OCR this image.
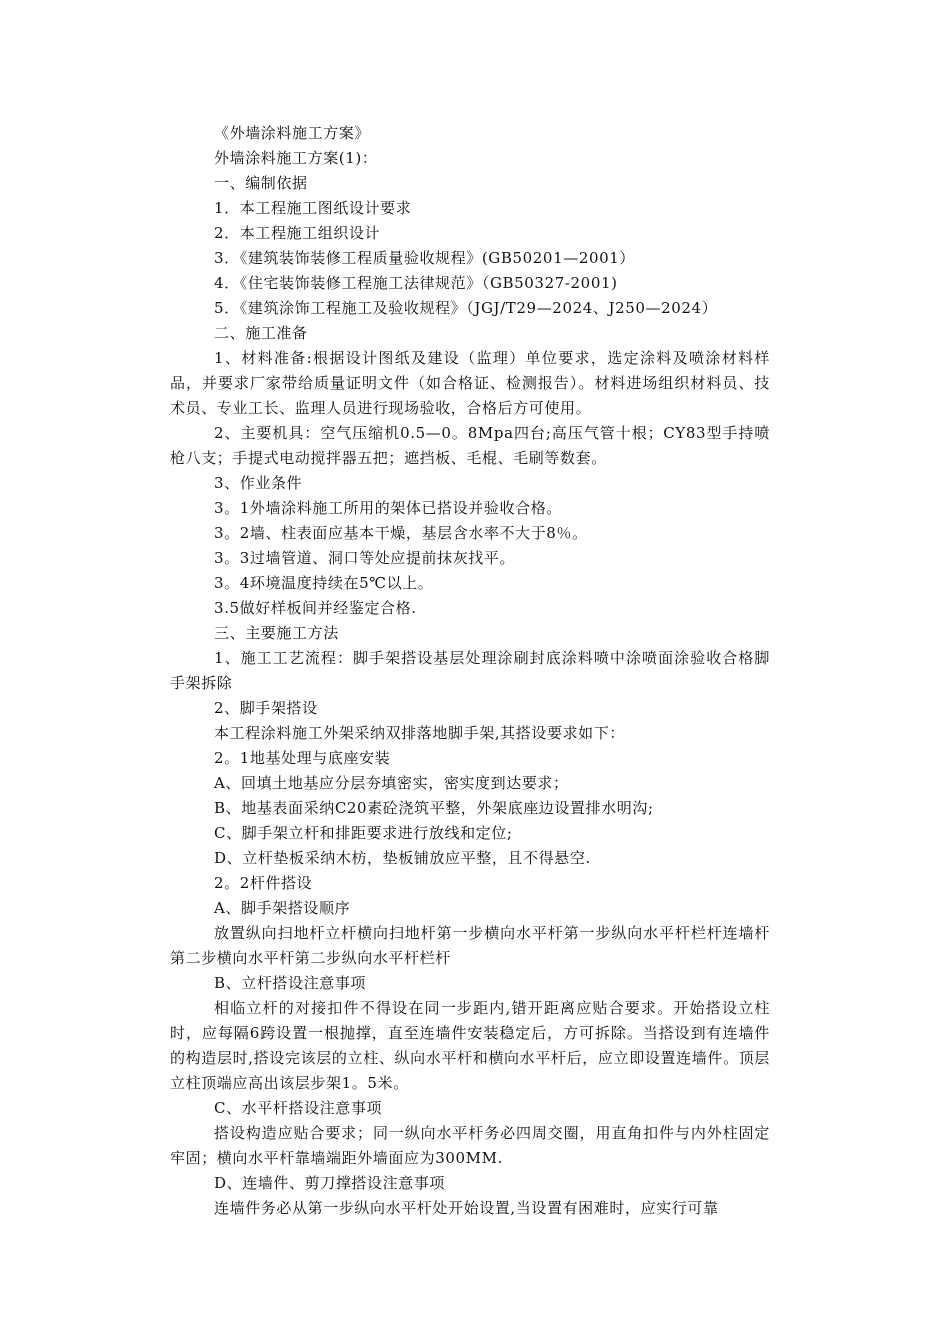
《外墙涂料施工方案》

外墙涂料施工方案(1)：

一、编制依据

1．本工程施工图纸设计要求

2．本工程施工组织设计

3．《建筑装饰装修工程质量验收规程》(GB50201—2001）

4．《住宅装饰装修工程施工法律规范》（GB50327-2001)

5．《建筑涂饰工程施工及验收规程》（JGJ/T29—2024、J250—2024）

二、施工准备

1、材料准备:根据设计图纸及建设（监理）单位要求，选定涂料及喷涂材料样品，并要求厂家带给质量证明文件（如合格证、检测报告）。材料进场组织材料员、技术员、专业工长、监理人员进行现场验收，合格后方可使用。

2、主要机具：空气压缩机0.5—0。8Mpa四台;高压气管十根；CY83型手持喷枪八支；手提式电动搅拌器五把；遮挡板、毛棍、毛刷等数套。

3、作业条件

3。1外墙涂料施工所用的架体已搭设并验收合格。

3。2墙、柱表面应基本干燥，基层含水率不大于8％。

3。3过墙管道、洞口等处应提前抹灰找平。

3。4环境温度持续在5℃以上。

3.5做好样板间并经鉴定合格.

三、主要施工方法

1、施工工艺流程：脚手架搭设基层处理涂刷封底涂料喷中涂喷面涂验收合格脚手架拆除

2、脚手架搭设

本工程涂料施工外架采纳双排落地脚手架,其搭设要求如下：

2。1地基处理与底座安装

A、回填土地基应分层夯填密实，密实度到达要求；

B、地基表面采纳C20素砼浇筑平整，外架底座边设置排水明沟;

C、脚手架立杆和排距要求进行放线和定位;

D、立杆垫板采纳木枋，垫板铺放应平整，且不得悬空.

2。2杆件搭设

A、脚手架搭设顺序

放置纵向扫地杆立杆横向扫地杆第一步横向水平杆第一步纵向水平杆栏杆连墙杆第二步横向水平杆第二步纵向水平杆栏杆

B、立杆搭设注意事项

相临立杆的对接扣件不得设在同一步距内,错开距离应贴合要求。开始搭设立柱时，应每隔6跨设置一根抛撑，直至连墙件安装稳定后，方可拆除。当搭设到有连墙件的构造层时,搭设完该层的立柱、纵向水平杆和横向水平杆后，应立即设置连墙件。顶层立柱顶端应高出该层步架1。5米。

C、水平杆搭设注意事项

搭设构造应贴合要求；同一纵向水平杆务必四周交圈，用直角扣件与内外柱固定牢固；横向水平杆靠墙端距外墙面应为300MM.

D、连墙件、剪刀撑搭设注意事项

连墙件务必从第一步纵向水平杆处开始设置,当设置有困难时，应实行可靠
